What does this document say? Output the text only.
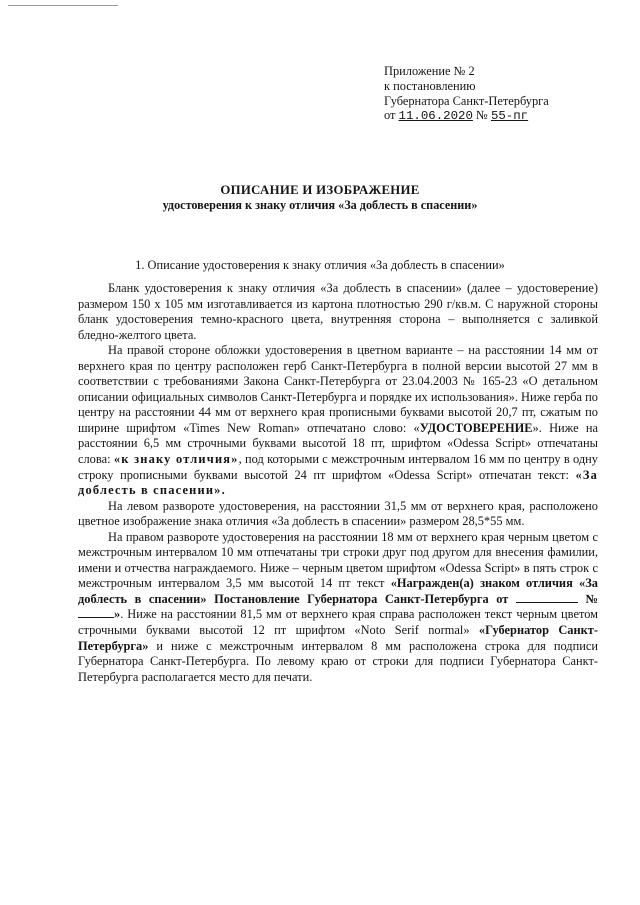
Приложение № 2
к постановлению
Губернатора Санкт-Петербурга
от 11.06.2020 № 55-пг
ОПИСАНИЕ И ИЗОБРАЖЕНИЕ
удостоверения к знаку отличия «За доблесть в спасении»
1. Описание удостоверения к знаку отличия «За доблесть в спасении»

Бланк удостоверения к знаку отличия «За доблесть в спасении» (далее – удостоверение) размером 150 х 105 мм изготавливается из картона плотностью 290 г/кв.м. С наружной стороны бланк удостоверения темно-красного цвета, внутренняя сторона – выполняется с заливкой бледно-желтого цвета.

На правой стороне обложки удостоверения в цветном варианте – на расстоянии 14 мм от верхнего края по центру расположен герб Санкт-Петербурга в полной версии высотой 27 мм в соответствии с требованиями Закона Санкт-Петербурга от 23.04.2003 № 165-23 «О детальном описании официальных символов Санкт-Петербурга и порядке их использования». Ниже герба по центру на расстоянии 44 мм от верхнего края прописными буквами высотой 20,7 пт, сжатым по ширине шрифтом «Times New Roman» отпечатано слово: «УДОСТОВЕРЕНИЕ». Ниже на расстоянии 6,5 мм строчными буквами высотой 18 пт, шрифтом «Odessa Script» отпечатаны слова: «к знаку отличия», под которыми с межстрочным интервалом 16 мм по центру в одну строку прописными буквами высотой 24 пт шрифтом «Odessa Script» отпечатан текст: «За доблесть в спасении».

На левом развороте удостоверения, на расстоянии 31,5 мм от верхнего края, расположено цветное изображение знака отличия «За доблесть в спасении» размером 28,5*55 мм.

На правом развороте удостоверения на расстоянии 18 мм от верхнего края черным цветом с межстрочным интервалом 10 мм отпечатаны три строки друг под другом для внесения фамилии, имени и отчества награждаемого. Ниже – черным цветом шрифтом «Odessa Script» в пять строк с межстрочным интервалом 3,5 мм высотой 14 пт текст «Награжден(а) знаком отличия «За доблесть в спасении» Постановление Губернатора Санкт-Петербурга от	№ ». Ниже на расстоянии 81,5 мм от верхнего края справа расположен текст черным цветом строчными буквами высотой 12 пт шрифтом «Noto Serif normal» «Губернатор Санкт-Петербурга» и ниже с межстрочным интервалом 8 мм расположена строка для подписи Губернатора Санкт-Петербурга. По левому краю от строки для подписи Губернатора Санкт-Петербурга располагается место для печати.
